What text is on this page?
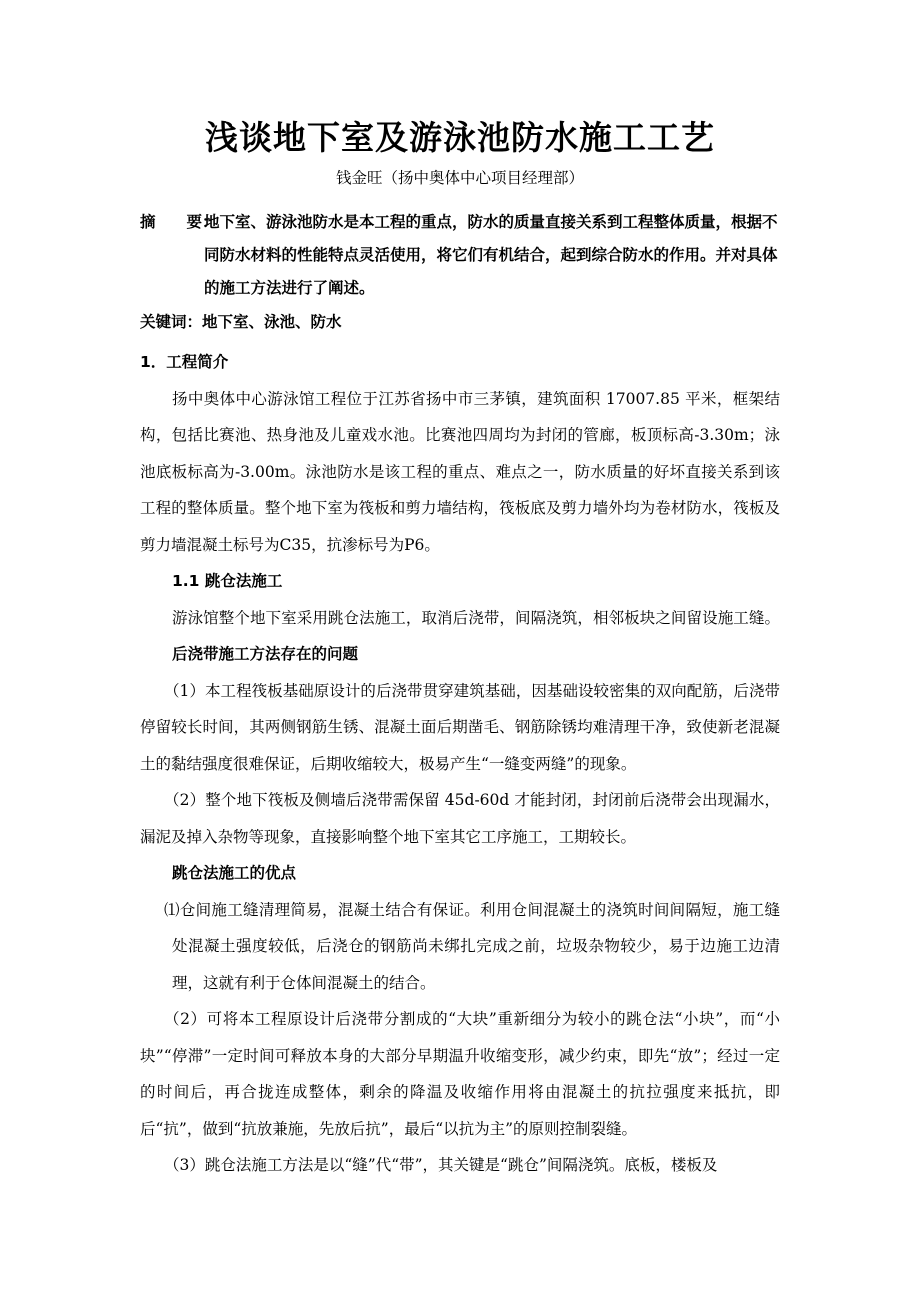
浅谈地下室及游泳池防水施工工艺

钱金旺（扬中奥体中心项目经理部）

摘　　要：
地下室、游泳池防水是本工程的重点，防水的质量直接关系到工程整体质量，根据不同防水材料的性能特点灵活使用，将它们有机结合，起到综合防水的作用。并对具体的施工方法进行了阐述。
关键词：地下室、泳池、防水

1．工程简介

扬中奥体中心游泳馆工程位于江苏省扬中市三茅镇，建筑面积 17007.85 平米，框架结构，包括比赛池、热身池及儿童戏水池。比赛池四周均为封闭的管廊，板顶标高-3.30m；泳池底板标高为-3.00m。泳池防水是该工程的重点、难点之一，防水质量的好坏直接关系到该工程的整体质量。整个地下室为筏板和剪力墙结构，筏板底及剪力墙外均为卷材防水，筏板及剪力墙混凝土标号为C35，抗渗标号为P6。

1.1 跳仓法施工

游泳馆整个地下室采用跳仓法施工，取消后浇带，间隔浇筑，相邻板块之间留设施工缝。后浇带施工方法存在的问题

（1）本工程筏板基础原设计的后浇带贯穿建筑基础，因基础设较密集的双向配筋，后浇带停留较长时间，其两侧钢筋生锈、混凝土面后期凿毛、钢筋除锈均难清理干净，致使新老混凝土的黏结强度很难保证，后期收缩较大，极易产生“一缝变两缝”的现象。

（2）整个地下筏板及侧墙后浇带需保留 45d-60d 才能封闭，封闭前后浇带会出现漏水，漏泥及掉入杂物等现象，直接影响整个地下室其它工序施工，工期较长。

跳仓法施工的优点

⑴仓间施工缝清理简易，混凝土结合有保证。利用仓间混凝土的浇筑时间间隔短，施工缝处混凝土强度较低，后浇仓的钢筋尚未绑扎完成之前，垃圾杂物较少，易于边施工边清理，这就有利于仓体间混凝土的结合。

（2）可将本工程原设计后浇带分割成的“大块”重新细分为较小的跳仓法“小块”，而“小块”“停滞”一定时间可释放本身的大部分早期温升收缩变形，减少约束，即先“放”；经过一定的时间后，再合拢连成整体，剩余的降温及收缩作用将由混凝土的抗拉强度来抵抗，即后“抗”，做到“抗放兼施，先放后抗”，最后“以抗为主”的原则控制裂缝。

（3）跳仓法施工方法是以“缝”代“带”，其关键是“跳仓”间隔浇筑。底板，楼板及
